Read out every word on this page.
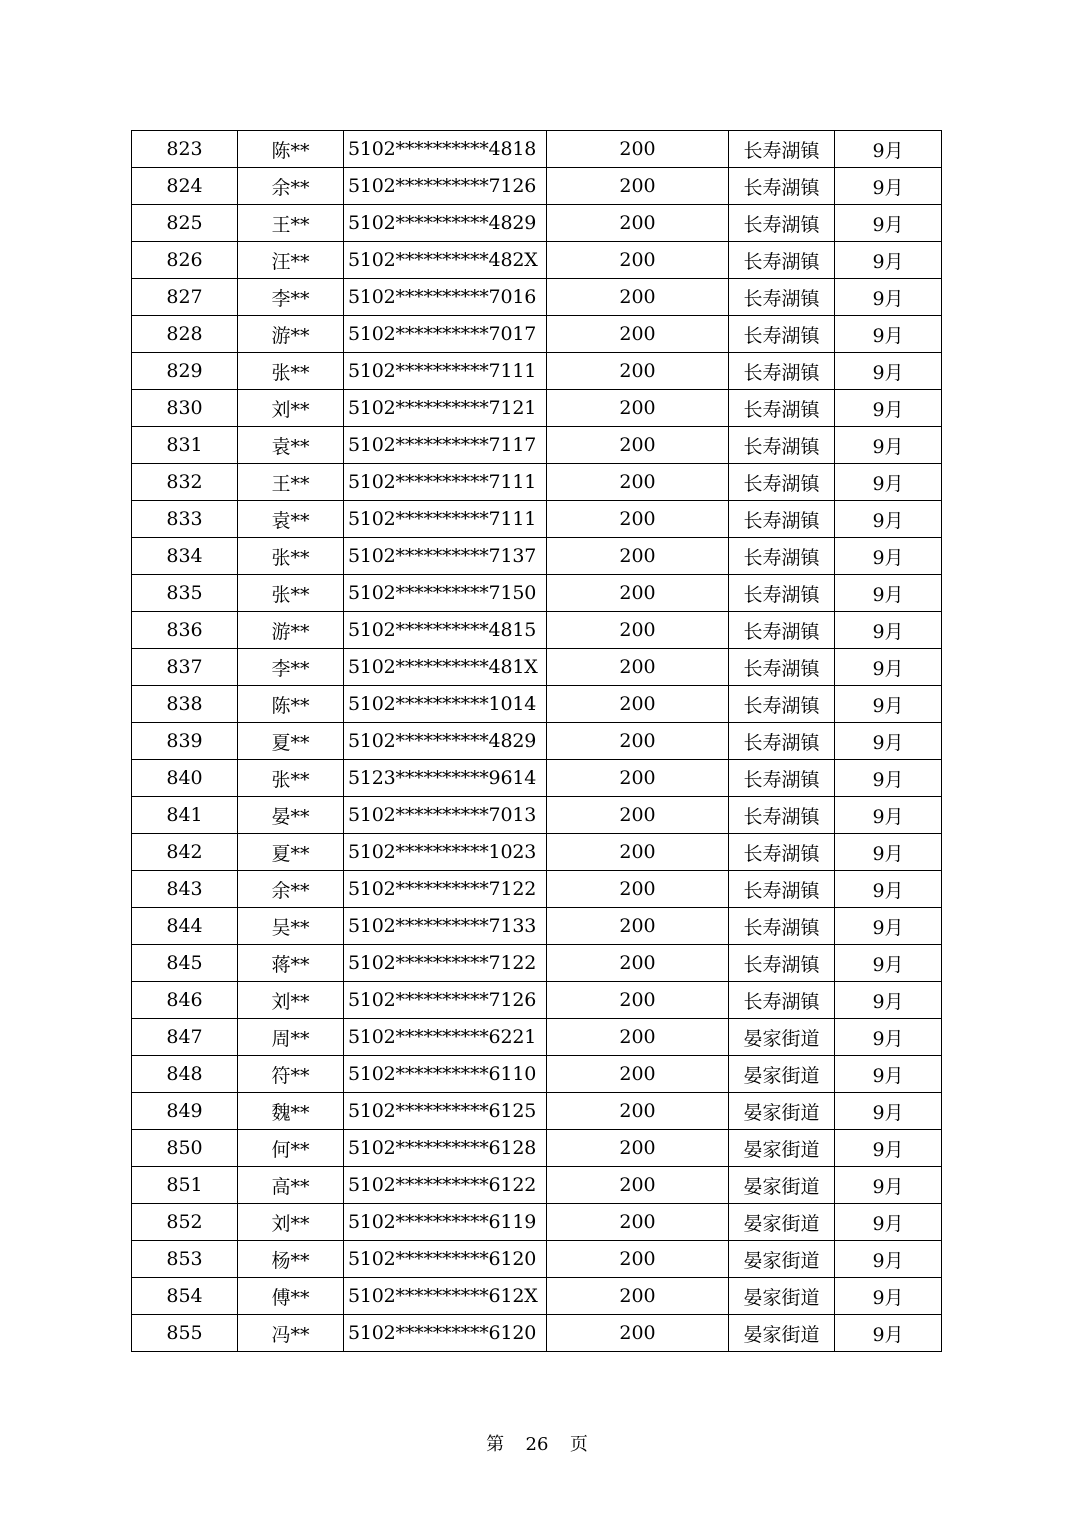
823	陈**	5102**********4818	200	长寿湖镇	9月
824	余**	5102**********7126	200	长寿湖镇	9月
825	王**	5102**********4829	200	长寿湖镇	9月
826	汪**	5102**********482X	200	长寿湖镇	9月
827	李**	5102**********7016	200	长寿湖镇	9月
828	游**	5102**********7017	200	长寿湖镇	9月
829	张**	5102**********7111	200	长寿湖镇	9月
830	刘**	5102**********7121	200	长寿湖镇	9月
831	袁**	5102**********7117	200	长寿湖镇	9月
832	王**	5102**********7111	200	长寿湖镇	9月
833	袁**	5102**********7111	200	长寿湖镇	9月
834	张**	5102**********7137	200	长寿湖镇	9月
835	张**	5102**********7150	200	长寿湖镇	9月
836	游**	5102**********4815	200	长寿湖镇	9月
837	李**	5102**********481X	200	长寿湖镇	9月
838	陈**	5102**********1014	200	长寿湖镇	9月
839	夏**	5102**********4829	200	长寿湖镇	9月
840	张**	5123**********9614	200	长寿湖镇	9月
841	晏**	5102**********7013	200	长寿湖镇	9月
842	夏**	5102**********1023	200	长寿湖镇	9月
843	余**	5102**********7122	200	长寿湖镇	9月
844	吴**	5102**********7133	200	长寿湖镇	9月
845	蒋**	5102**********7122	200	长寿湖镇	9月
846	刘**	5102**********7126	200	长寿湖镇	9月
847	周**	5102**********6221	200	晏家街道	9月
848	符**	5102**********6110	200	晏家街道	9月
849	魏**	5102**********6125	200	晏家街道	9月
850	何**	5102**********6128	200	晏家街道	9月
851	高**	5102**********6122	200	晏家街道	9月
852	刘**	5102**********6119	200	晏家街道	9月
853	杨**	5102**********6120	200	晏家街道	9月
854	傅**	5102**********612X	200	晏家街道	9月
855	冯**	5102**********6120	200	晏家街道	9月
第 26 页
